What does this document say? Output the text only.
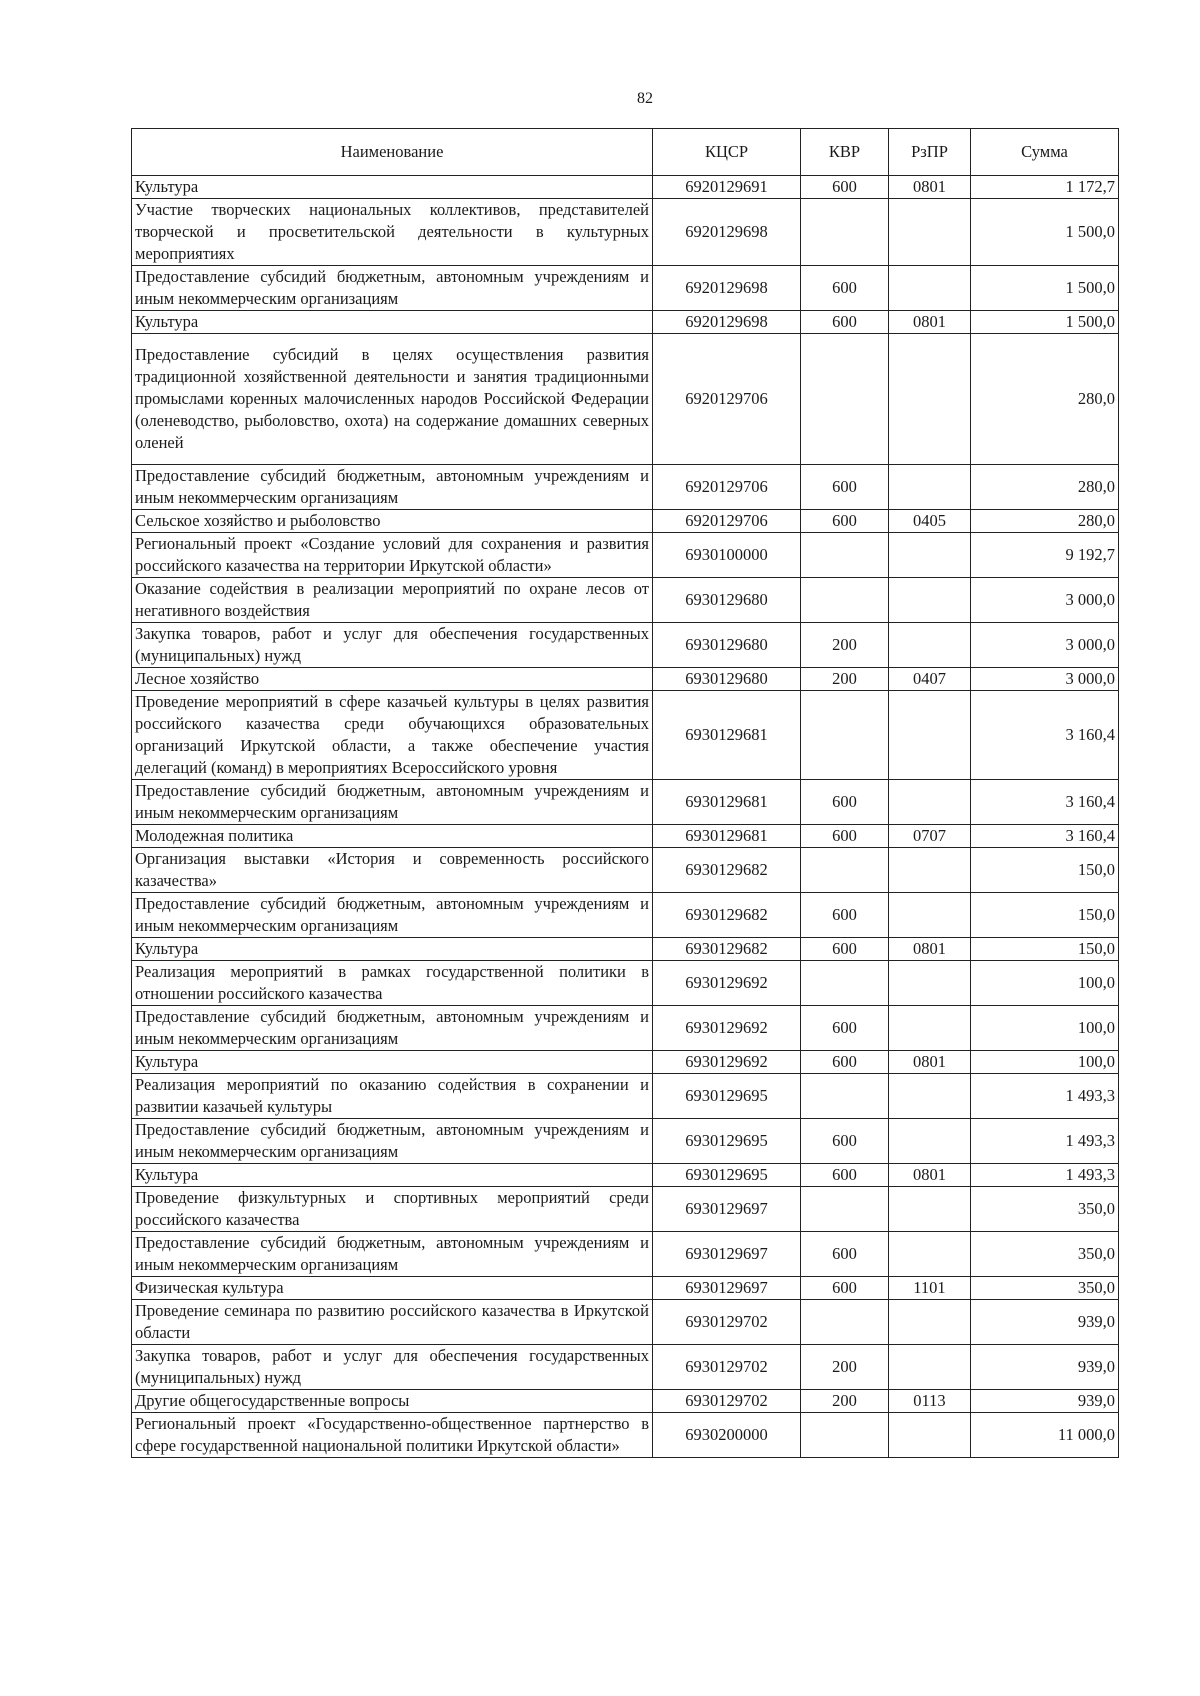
82
Наименование	КЦСР	КВР	РзПР	Сумма
Культура	6920129691	600	0801	1 172,7
Участие творческих национальных коллективов, представителей творческой и просветительской деятельности в культурных мероприятиях	6920129698			1 500,0
Предоставление субсидий бюджетным, автономным учреждениям и иным некоммерческим организациям	6920129698	600		1 500,0
Культура	6920129698	600	0801	1 500,0
Предоставление субсидий в целях осуществления развития традиционной хозяйственной деятельности и занятия традиционными промыслами коренных малочисленных народов Российской Федерации (оленеводство, рыболовство, охота) на содержание домашних северных оленей	6920129706			280,0
Предоставление субсидий бюджетным, автономным учреждениям и иным некоммерческим организациям	6920129706	600		280,0
Сельское хозяйство и рыболовство	6920129706	600	0405	280,0
Региональный проект «Создание условий для сохранения и развития российского казачества на территории Иркутской области»	6930100000			9 192,7
Оказание содействия в реализации мероприятий по охране лесов от негативного воздействия	6930129680			3 000,0
Закупка товаров, работ и услуг для обеспечения государственных (муниципальных) нужд	6930129680	200		3 000,0
Лесное хозяйство	6930129680	200	0407	3 000,0
Проведение мероприятий в сфере казачьей культуры в целях развития российского казачества среди обучающихся образовательных организаций Иркутской области, а также обеспечение участия делегаций (команд) в мероприятиях Всероссийского уровня	6930129681			3 160,4
Предоставление субсидий бюджетным, автономным учреждениям и иным некоммерческим организациям	6930129681	600		3 160,4
Молодежная политика	6930129681	600	0707	3 160,4
Организация выставки «История и современность российского казачества»	6930129682			150,0
Предоставление субсидий бюджетным, автономным учреждениям и иным некоммерческим организациям	6930129682	600		150,0
Культура	6930129682	600	0801	150,0
Реализация мероприятий в рамках государственной политики в отношении российского казачества	6930129692			100,0
Предоставление субсидий бюджетным, автономным учреждениям и иным некоммерческим организациям	6930129692	600		100,0
Культура	6930129692	600	0801	100,0
Реализация мероприятий по оказанию содействия в сохранении и развитии казачьей культуры	6930129695			1 493,3
Предоставление субсидий бюджетным, автономным учреждениям и иным некоммерческим организациям	6930129695	600		1 493,3
Культура	6930129695	600	0801	1 493,3
Проведение физкультурных и спортивных мероприятий среди российского казачества	6930129697			350,0
Предоставление субсидий бюджетным, автономным учреждениям и иным некоммерческим организациям	6930129697	600		350,0
Физическая культура	6930129697	600	1101	350,0
Проведение семинара по развитию российского казачества в Иркутской области	6930129702			939,0
Закупка товаров, работ и услуг для обеспечения государственных (муниципальных) нужд	6930129702	200		939,0
Другие общегосударственные вопросы	6930129702	200	0113	939,0
Региональный проект «Государственно-общественное партнерство в сфере государственной национальной политики Иркутской области»	6930200000			11 000,0
